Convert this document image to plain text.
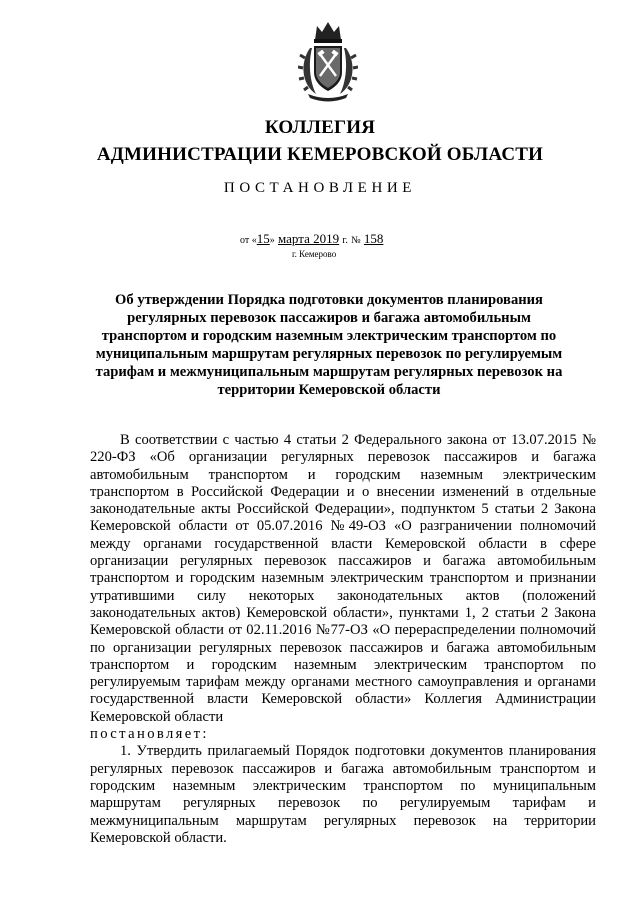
КОЛЛЕГИЯ
АДМИНИСТРАЦИИ КЕМЕРОВСКОЙ ОБЛАСТИ
ПОСТАНОВЛЕНИЕ
от «15» марта 2019 г. № 158
г. Кемерово
Об утверждении Порядка подготовки документов планирования регулярных перевозок пассажиров и багажа автомобильным транспортом и городским наземным электрическим транспортом по муниципальным маршрутам регулярных перевозок по регулируемым тарифам и межмуниципальным маршрутам регулярных перевозок на территории Кемеровской области

В соответствии с частью 4 статьи 2 Федерального закона от 13.07.2015 № 220-ФЗ «Об организации регулярных перевозок пассажиров и багажа автомобильным транспортом и городским наземным электрическим транспортом в Российской Федерации и о внесении изменений в отдельные законодательные акты Российской Федерации», подпунктом 5 статьи 2 Закона Кемеровской области от 05.07.2016 №49-ОЗ «О разграничении полномочий между органами государственной власти Кемеровской области в сфере организации регулярных перевозок пассажиров и багажа автомобильным транспортом и городским наземным электрическим транспортом и признании утратившими силу некоторых законодательных актов (положений законодательных актов) Кемеровской области», пунктами 1, 2 статьи 2 Закона Кемеровской области от 02.11.2016 №77-ОЗ «О перераспределении полномочий по организации регулярных перевозок пассажиров и багажа автомобильным транспортом и городским наземным электрическим транспортом по регулируемым тарифам между органами местного самоуправления и органами государственной власти Кемеровской области» Коллегия Администрации Кемеровской области

постановляет:

1. Утвердить прилагаемый Порядок подготовки документов планирования регулярных перевозок пассажиров и багажа автомобильным транспортом и городским наземным электрическим транспортом по муниципальным маршрутам регулярных перевозок по регулируемым тарифам и межмуниципальным маршрутам регулярных перевозок на территории Кемеровской области.
